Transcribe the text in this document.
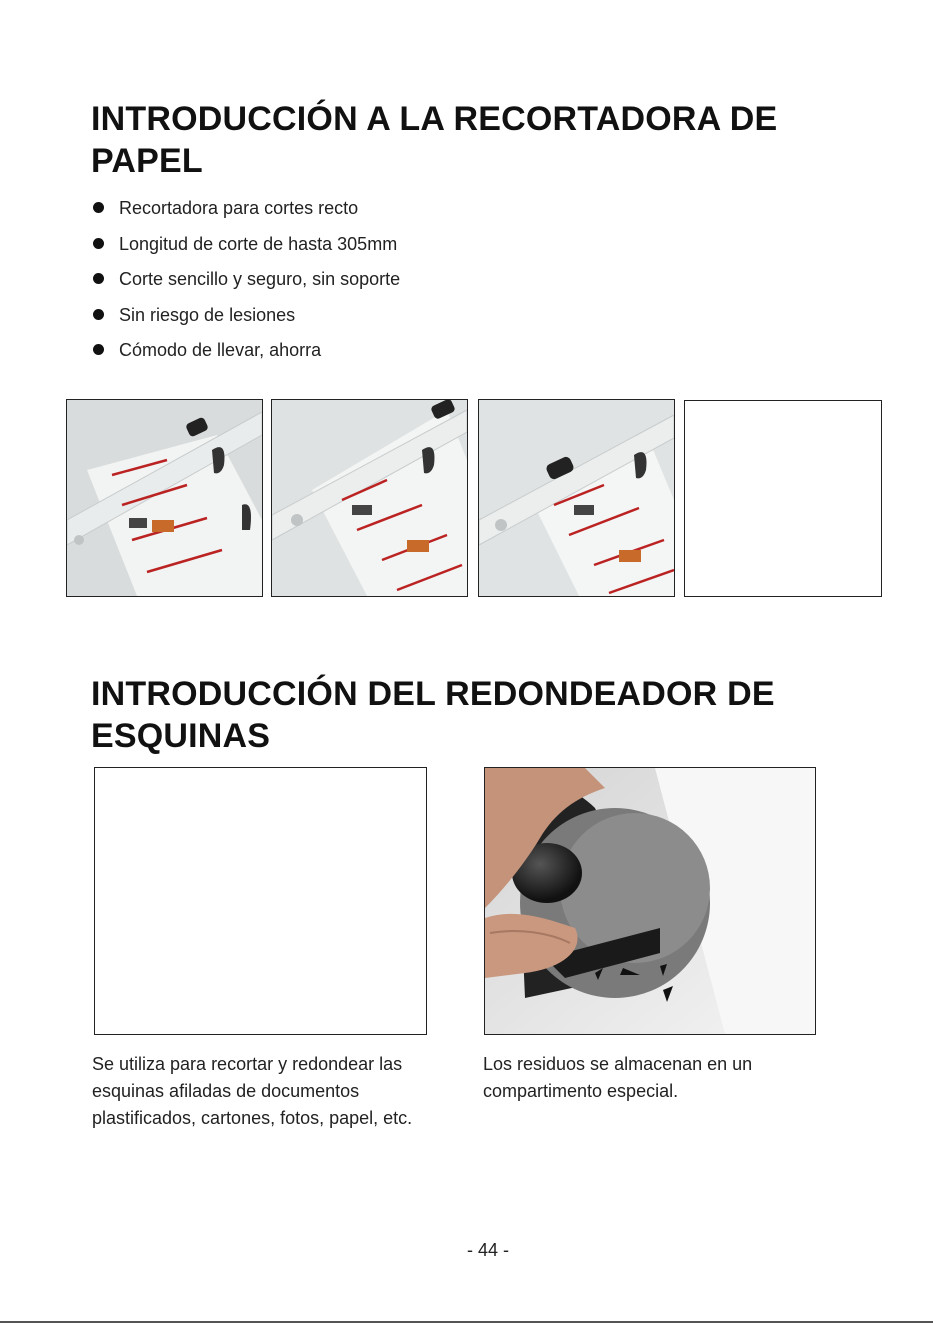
INTRODUCCIÓN A LA RECORTADORA DE PAPEL
Recortadora para cortes recto
Longitud de corte de hasta 305mm
Corte sencillo y seguro, sin soporte
Sin riesgo de lesiones
Cómodo de llevar, ahorra
INTRODUCCIÓN DEL REDONDEADOR DE ESQUINAS

Se utiliza para recortar y redondear las esquinas afiladas de documentos plastificados, cartones, fotos, papel, etc.

Los residuos se almacenan en un compartimento especial.

- 44 -
